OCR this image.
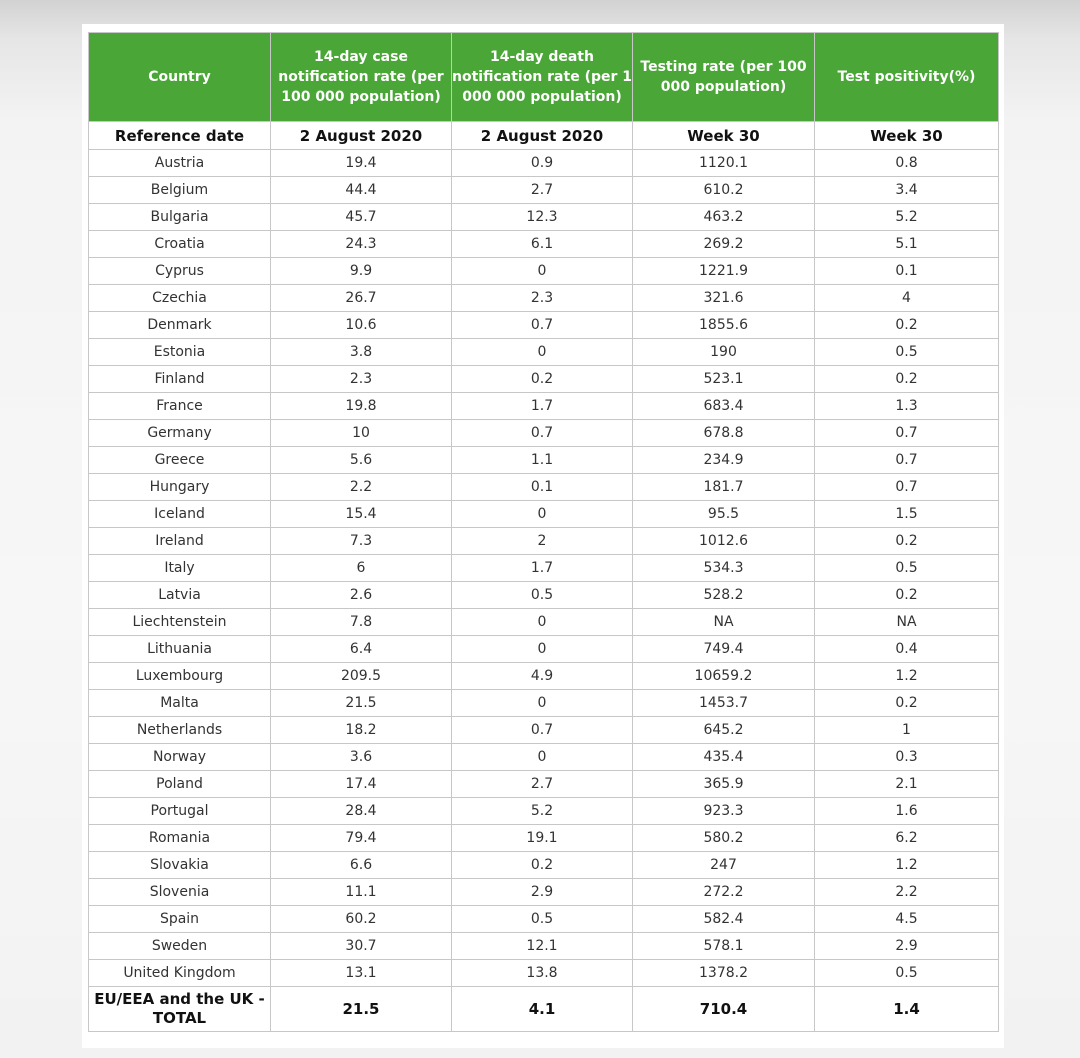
Country	14-day case notification rate (per 100 000 population)	14-day death notification rate (per 1 000 000 population)	Testing rate (per 100 000 population)	Test positivity(%)
Reference date	2 August 2020	2 August 2020	Week 30	Week 30
Austria	19.4	0.9	1120.1	0.8
Belgium	44.4	2.7	610.2	3.4
Bulgaria	45.7	12.3	463.2	5.2
Croatia	24.3	6.1	269.2	5.1
Cyprus	9.9	0	1221.9	0.1
Czechia	26.7	2.3	321.6	4
Denmark	10.6	0.7	1855.6	0.2
Estonia	3.8	0	190	0.5
Finland	2.3	0.2	523.1	0.2
France	19.8	1.7	683.4	1.3
Germany	10	0.7	678.8	0.7
Greece	5.6	1.1	234.9	0.7
Hungary	2.2	0.1	181.7	0.7
Iceland	15.4	0	95.5	1.5
Ireland	7.3	2	1012.6	0.2
Italy	6	1.7	534.3	0.5
Latvia	2.6	0.5	528.2	0.2
Liechtenstein	7.8	0	NA	NA
Lithuania	6.4	0	749.4	0.4
Luxembourg	209.5	4.9	10659.2	1.2
Malta	21.5	0	1453.7	0.2
Netherlands	18.2	0.7	645.2	1
Norway	3.6	0	435.4	0.3
Poland	17.4	2.7	365.9	2.1
Portugal	28.4	5.2	923.3	1.6
Romania	79.4	19.1	580.2	6.2
Slovakia	6.6	0.2	247	1.2
Slovenia	11.1	2.9	272.2	2.2
Spain	60.2	0.5	582.4	4.5
Sweden	30.7	12.1	578.1	2.9
United Kingdom	13.1	13.8	1378.2	0.5
EU/EEA and the UK - TOTAL	21.5	4.1	710.4	1.4
